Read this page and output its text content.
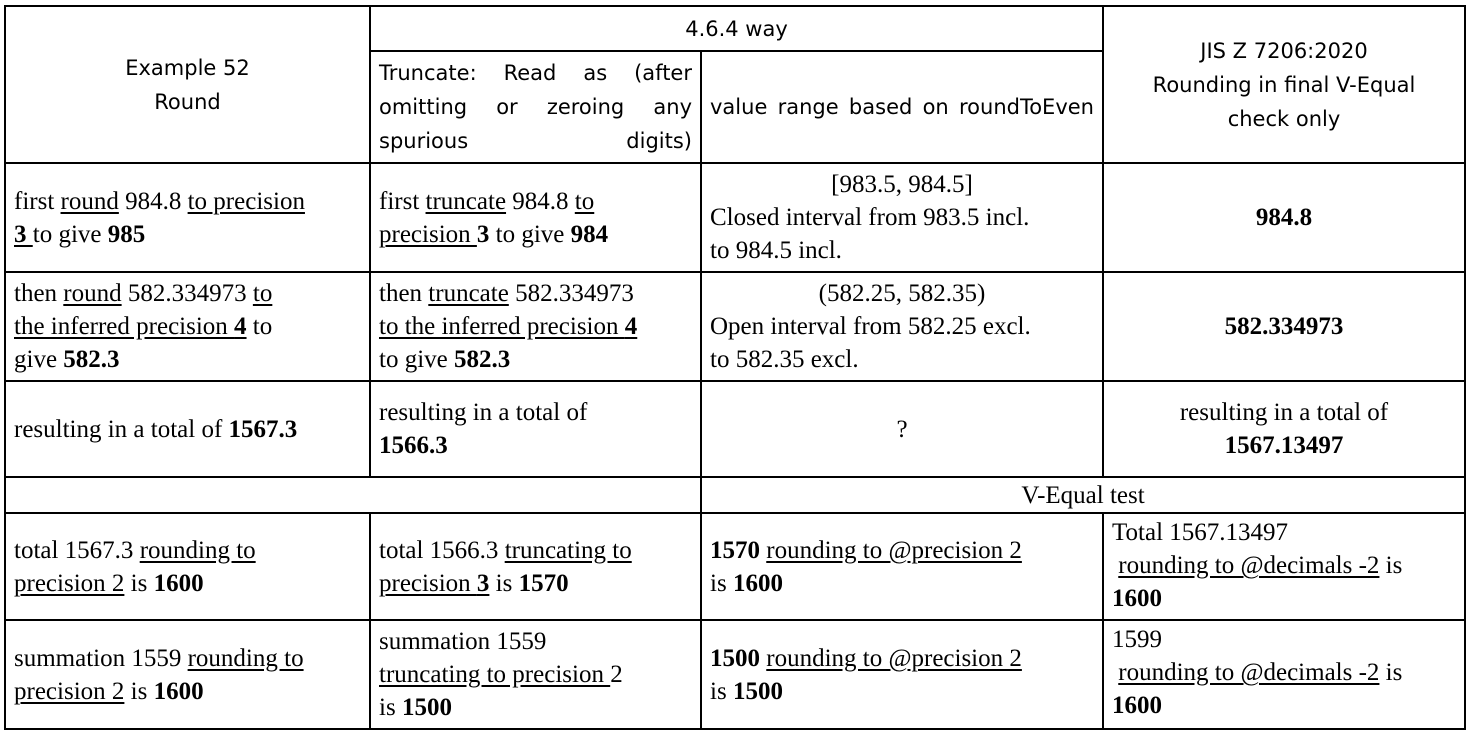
Example 52
Round	4.6.4 way		JIS Z 7206:2020
Rounding in final V-Equal
check only

	Truncate: Read as (after omitting or zeroing any spurious digits)	value range based on roundToEven	
first round 984.8 to precision
3 to give 985	first truncate 984.8 to
precision 3 to give 984	[983.5, 984.5]
Closed interval from 983.5 incl.
to 984.5 incl.	984.8
then round 582.334973 to
the inferred precision 4 to
give 582.3	then truncate 582.334973
to the inferred precision 4
to give 582.3	(582.25, 582.35)
Open interval from 582.25 excl.
to 582.35 excl.	582.334973
resulting in a total of 1567.3	resulting in a total of
1566.3	?	resulting in a total of
1567.13497

		V-Equal test	
total 1567.3 rounding to
precision 2 is 1600	total 1566.3 truncating to
precision 3 is 1570	1570 rounding to @precision 2
is 1600	Total 1567.13497
rounding to @decimals -2 is
1600
summation 1559 rounding to
precision 2 is 1600	summation 1559
truncating to precision 2
is 1500	1500 rounding to @precision 2
is 1500	1599
rounding to @decimals -2 is
1600
